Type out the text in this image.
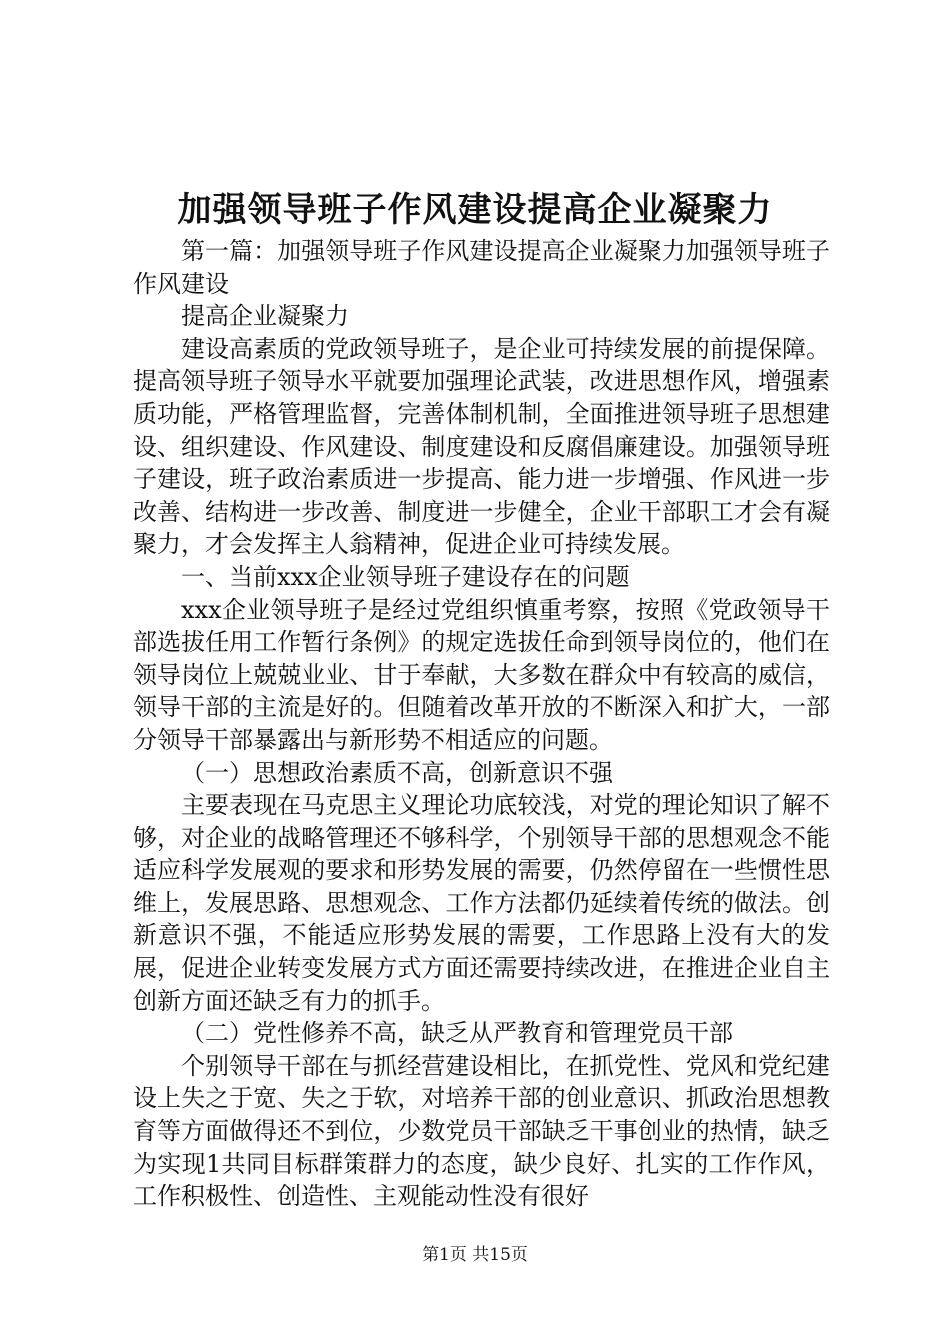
加强领导班子作风建设提高企业凝聚力

第一篇：加强领导班子作风建设提高企业凝聚力加强领导班子作风建设

提高企业凝聚力

建设高素质的党政领导班子，是企业可持续发展的前提保障。提高领导班子领导水平就要加强理论武装，改进思想作风，增强素质功能，严格管理监督，完善体制机制，全面推进领导班子思想建设、组织建设、作风建设、制度建设和反腐倡廉建设。加强领导班子建设，班子政治素质进一步提高、能力进一步增强、作风进一步改善、结构进一步改善、制度进一步健全，企业干部职工才会有凝聚力，才会发挥主人翁精神，促进企业可持续发展。

一、当前xxx企业领导班子建设存在的问题

xxx企业领导班子是经过党组织慎重考察，按照《党政领导干部选拔任用工作暂行条例》的规定选拔任命到领导岗位的，他们在领导岗位上兢兢业业、甘于奉献，大多数在群众中有较高的威信，领导干部的主流是好的。但随着改革开放的不断深入和扩大，一部分领导干部暴露出与新形势不相适应的问题。

（一）思想政治素质不高，创新意识不强

主要表现在马克思主义理论功底较浅，对党的理论知识了解不够，对企业的战略管理还不够科学，个别领导干部的思想观念不能适应科学发展观的要求和形势发展的需要，仍然停留在一些惯性思维上，发展思路、思想观念、工作方法都仍延续着传统的做法。创新意识不强，不能适应形势发展的需要，工作思路上没有大的发展，促进企业转变发展方式方面还需要持续改进，在推进企业自主创新方面还缺乏有力的抓手。

（二）党性修养不高，缺乏从严教育和管理党员干部

个别领导干部在与抓经营建设相比，在抓党性、党风和党纪建设上失之于宽、失之于软，对培养干部的创业意识、抓政治思想教育等方面做得还不到位，少数党员干部缺乏干事创业的热情，缺乏为实现1共同目标群策群力的态度，缺少良好、扎实的工作作风，工作积极性、创造性、主观能动性没有很好

第1页 共15页
